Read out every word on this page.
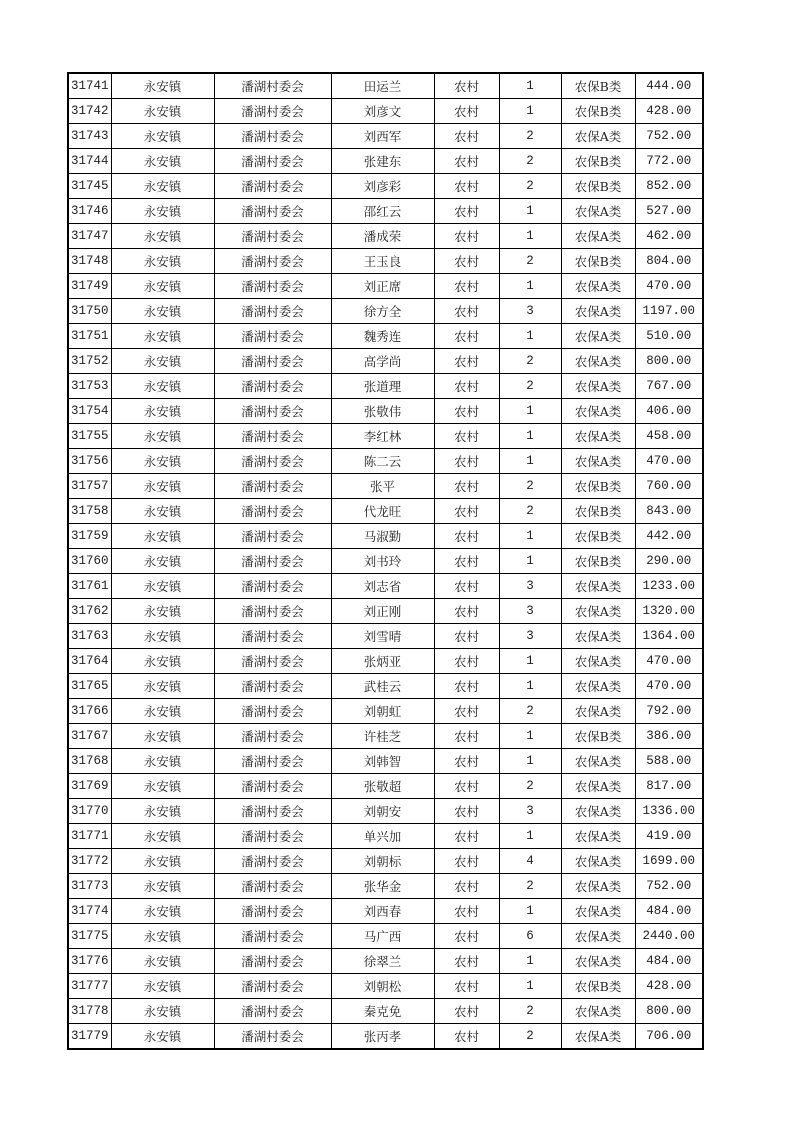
31741	永安镇	潘湖村委会	田运兰	农村	1	农保B类	444.00
31742	永安镇	潘湖村委会	刘彦文	农村	1	农保B类	428.00
31743	永安镇	潘湖村委会	刘西军	农村	2	农保A类	752.00
31744	永安镇	潘湖村委会	张建东	农村	2	农保B类	772.00
31745	永安镇	潘湖村委会	刘彦彩	农村	2	农保B类	852.00
31746	永安镇	潘湖村委会	邵红云	农村	1	农保A类	527.00
31747	永安镇	潘湖村委会	潘成荣	农村	1	农保A类	462.00
31748	永安镇	潘湖村委会	王玉良	农村	2	农保B类	804.00
31749	永安镇	潘湖村委会	刘正席	农村	1	农保A类	470.00
31750	永安镇	潘湖村委会	徐方全	农村	3	农保A类	1197.00
31751	永安镇	潘湖村委会	魏秀连	农村	1	农保A类	510.00
31752	永安镇	潘湖村委会	高学尚	农村	2	农保A类	800.00
31753	永安镇	潘湖村委会	张道理	农村	2	农保A类	767.00
31754	永安镇	潘湖村委会	张敬伟	农村	1	农保A类	406.00
31755	永安镇	潘湖村委会	李红林	农村	1	农保A类	458.00
31756	永安镇	潘湖村委会	陈二云	农村	1	农保A类	470.00
31757	永安镇	潘湖村委会	张平	农村	2	农保B类	760.00
31758	永安镇	潘湖村委会	代龙旺	农村	2	农保B类	843.00
31759	永安镇	潘湖村委会	马淑勤	农村	1	农保B类	442.00
31760	永安镇	潘湖村委会	刘书玲	农村	1	农保B类	290.00
31761	永安镇	潘湖村委会	刘志省	农村	3	农保A类	1233.00
31762	永安镇	潘湖村委会	刘正刚	农村	3	农保A类	1320.00
31763	永安镇	潘湖村委会	刘雪晴	农村	3	农保A类	1364.00
31764	永安镇	潘湖村委会	张炳亚	农村	1	农保A类	470.00
31765	永安镇	潘湖村委会	武桂云	农村	1	农保A类	470.00
31766	永安镇	潘湖村委会	刘朝虹	农村	2	农保A类	792.00
31767	永安镇	潘湖村委会	许桂芝	农村	1	农保B类	386.00
31768	永安镇	潘湖村委会	刘韩智	农村	1	农保A类	588.00
31769	永安镇	潘湖村委会	张敬超	农村	2	农保A类	817.00
31770	永安镇	潘湖村委会	刘朝安	农村	3	农保A类	1336.00
31771	永安镇	潘湖村委会	单兴加	农村	1	农保A类	419.00
31772	永安镇	潘湖村委会	刘朝标	农村	4	农保A类	1699.00
31773	永安镇	潘湖村委会	张华金	农村	2	农保A类	752.00
31774	永安镇	潘湖村委会	刘西春	农村	1	农保A类	484.00
31775	永安镇	潘湖村委会	马广西	农村	6	农保A类	2440.00
31776	永安镇	潘湖村委会	徐翠兰	农村	1	农保A类	484.00
31777	永安镇	潘湖村委会	刘朝松	农村	1	农保B类	428.00
31778	永安镇	潘湖村委会	秦克免	农村	2	农保A类	800.00
31779	永安镇	潘湖村委会	张丙孝	农村	2	农保A类	706.00
